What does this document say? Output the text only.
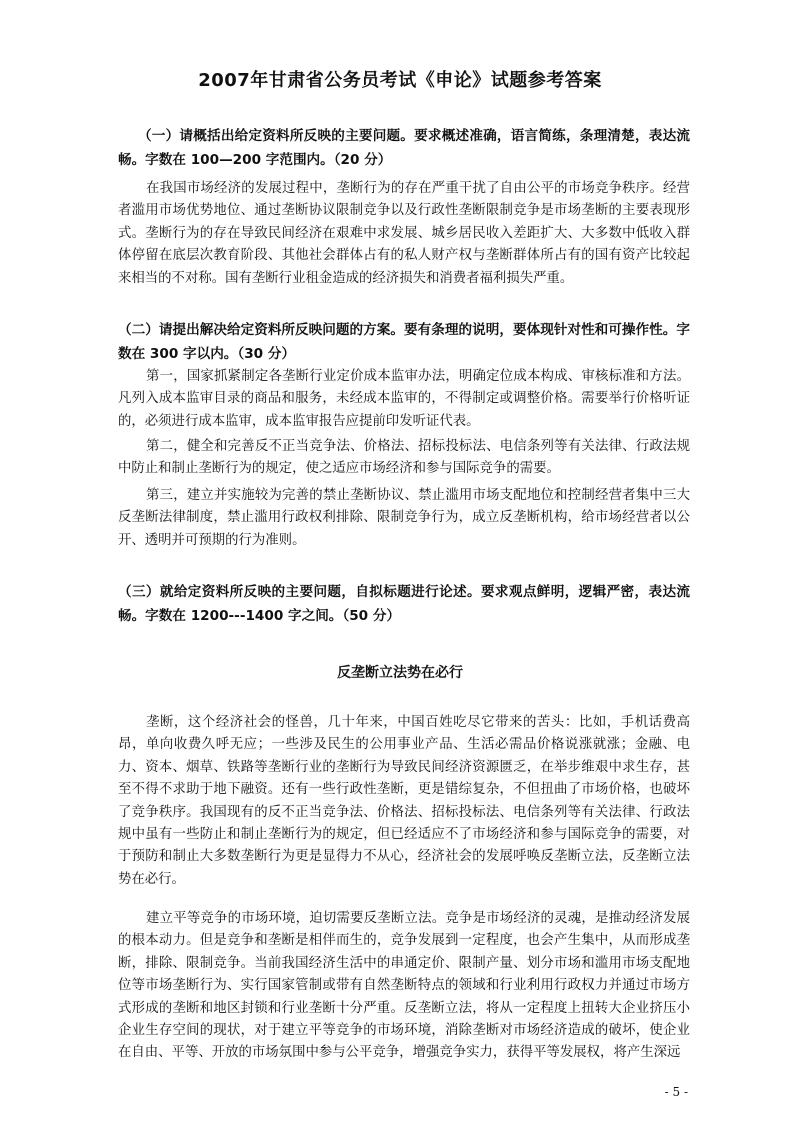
2007年甘肃省公务员考试《申论》试题参考答案
（一）请概括出给定资料所反映的主要问题。要求概述准确，语言简练，条理清楚，表达流畅。字数在 100—200 字范围内。（20 分）
在我国市场经济的发展过程中，垄断行为的存在严重干扰了自由公平的市场竞争秩序。经营者滥用市场优势地位、通过垄断协议限制竞争以及行政性垄断限制竞争是市场垄断的主要表现形式。垄断行为的存在导致民间经济在艰难中求发展、城乡居民收入差距扩大、大多数中低收入群体停留在底层次教育阶段、其他社会群体占有的私人财产权与垄断群体所占有的国有资产比较起来相当的不对称。国有垄断行业租金造成的经济损失和消费者福利损失严重。
（二）请提出解决给定资料所反映问题的方案。要有条理的说明，要体现针对性和可操作性。字数在 300 字以内。（30 分）
第一，国家抓紧制定各垄断行业定价成本监审办法，明确定位成本构成、审核标准和方法。凡列入成本监审目录的商品和服务，未经成本监审的，不得制定或调整价格。需要举行价格听证的，必须进行成本监审，成本监审报告应提前印发听证代表。
第二，健全和完善反不正当竞争法、价格法、招标投标法、电信条列等有关法律、行政法规中防止和制止垄断行为的规定，使之适应市场经济和参与国际竞争的需要。
第三，建立并实施较为完善的禁止垄断协议、禁止滥用市场支配地位和控制经营者集中三大反垄断法律制度，禁止滥用行政权利排除、限制竞争行为，成立反垄断机构，给市场经营者以公开、透明并可预期的行为准则。
（三）就给定资料所反映的主要问题，自拟标题进行论述。要求观点鲜明，逻辑严密，表达流畅。字数在 1200---1400 字之间。（50 分）
反垄断立法势在必行
垄断，这个经济社会的怪兽，几十年来，中国百姓吃尽它带来的苦头：比如，手机话费高昂，单向收费久呼无应；一些涉及民生的公用事业产品、生活必需品价格说涨就涨；金融、电力、资本、烟草、铁路等垄断行业的垄断行为导致民间经济资源匮乏，在举步维艰中求生存，甚至不得不求助于地下融资。还有一些行政性垄断，更是错综复杂，不但扭曲了市场价格，也破坏了竞争秩序。我国现有的反不正当竞争法、价格法、招标投标法、电信条列等有关法律、行政法规中虽有一些防止和制止垄断行为的规定，但已经适应不了市场经济和参与国际竞争的需要，对于预防和制止大多数垄断行为更是显得力不从心，经济社会的发展呼唤反垄断立法，反垄断立法势在必行。
建立平等竞争的市场环境，迫切需要反垄断立法。竞争是市场经济的灵魂，是推动经济发展的根本动力。但是竞争和垄断是相伴而生的，竞争发展到一定程度，也会产生集中，从而形成垄断，排除、限制竞争。当前我国经济生活中的串通定价、限制产量、划分市场和滥用市场支配地位等市场垄断行为、实行国家管制或带有自然垄断特点的领域和行业利用行政权力并通过市场方式形成的垄断和地区封锁和行业垄断十分严重。反垄断立法，将从一定程度上扭转大企业挤压小企业生存空间的现状，对于建立平等竞争的市场环境，消除垄断对市场经济造成的破坏，使企业在自由、平等、开放的市场氛围中参与公平竞争，增强竞争实力，获得平等发展权，将产生深远
- 5 -
